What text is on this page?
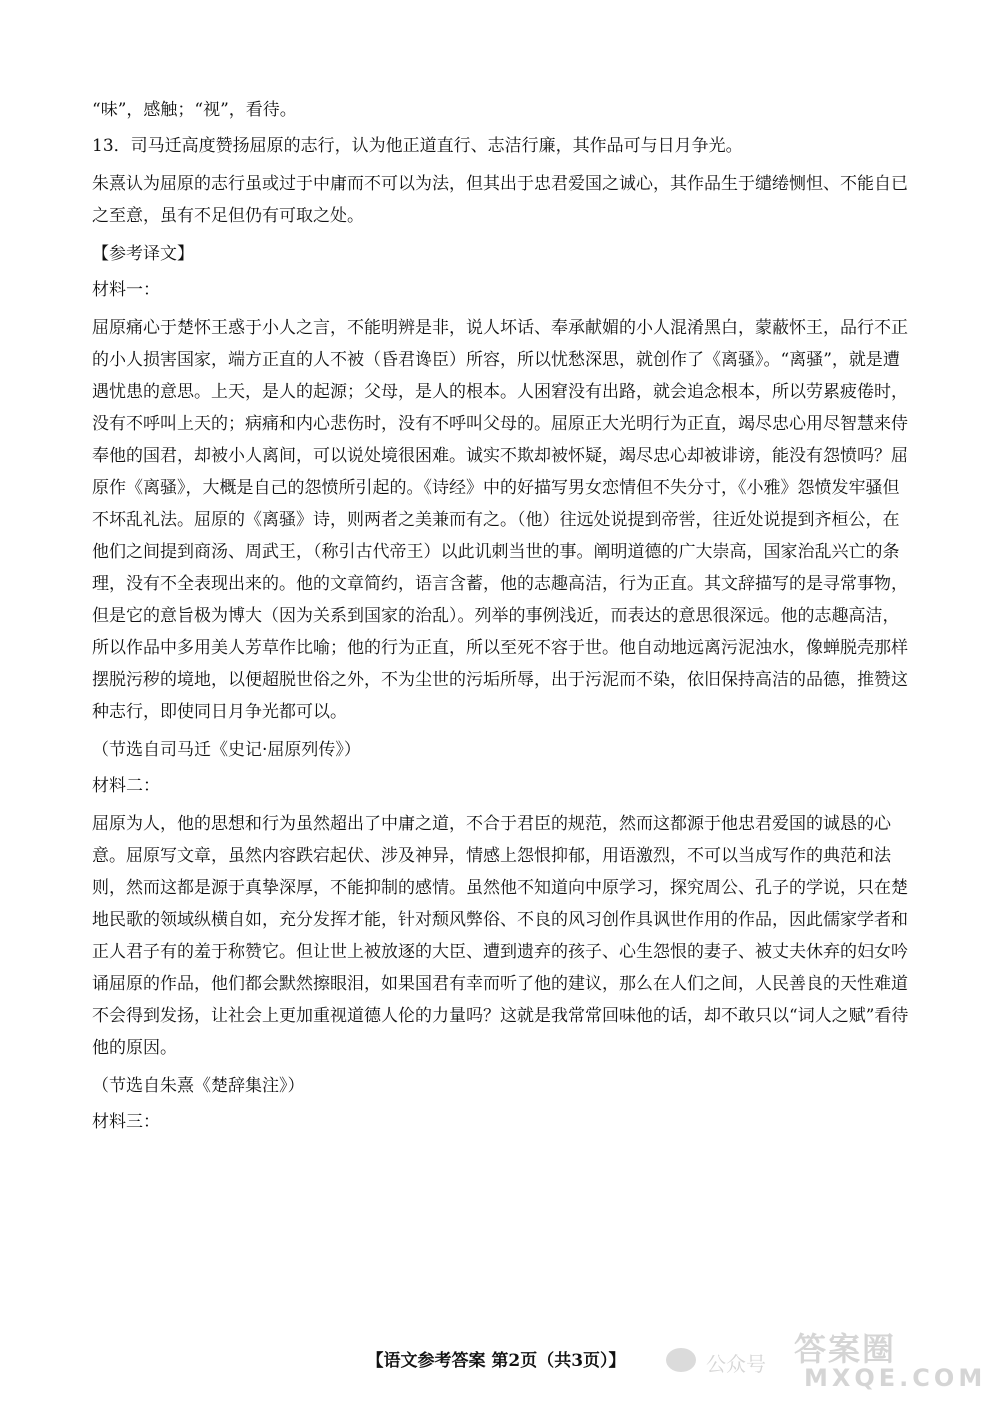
“味”，感触；“视”，看待。

13．司马迁高度赞扬屈原的志行，认为他正道直行、志洁行廉，其作品可与日月争光。

朱熹认为屈原的志行虽或过于中庸而不可以为法，但其出于忠君爱国之诚心，其作品生于缱绻恻怛、不能自已之至意，虽有不足但仍有可取之处。

【参考译文】

材料一：

屈原痛心于楚怀王惑于小人之言，不能明辨是非，说人坏话、奉承献媚的小人混淆黑白，蒙蔽怀王，品行不正的小人损害国家，端方正直的人不被（昏君谗臣）所容，所以忧愁深思，就创作了《离骚》。“离骚”，就是遭遇忧患的意思。上天，是人的起源；父母，是人的根本。人困窘没有出路，就会追念根本，所以劳累疲倦时，没有不呼叫上天的；病痛和内心悲伤时，没有不呼叫父母的。屈原正大光明行为正直，竭尽忠心用尽智慧来侍奉他的国君，却被小人离间，可以说处境很困难。诚实不欺却被怀疑，竭尽忠心却被诽谤，能没有怨愤吗？屈原作《离骚》，大概是自己的怨愤所引起的。《诗经》中的好描写男女恋情但不失分寸，《小雅》怨愤发牢骚但不坏乱礼法。屈原的《离骚》诗，则两者之美兼而有之。（他）往远处说提到帝喾，往近处说提到齐桓公，在他们之间提到商汤、周武王，（称引古代帝王）以此讥刺当世的事。阐明道德的广大崇高，国家治乱兴亡的条理，没有不全表现出来的。他的文章简约，语言含蓄，他的志趣高洁，行为正直。其文辞描写的是寻常事物，但是它的意旨极为博大（因为关系到国家的治乱）。列举的事例浅近，而表达的意思很深远。他的志趣高洁，所以作品中多用美人芳草作比喻；他的行为正直，所以至死不容于世。他自动地远离污泥浊水，像蝉脱壳那样摆脱污秽的境地，以便超脱世俗之外，不为尘世的污垢所辱，出于污泥而不染，依旧保持高洁的品德，推赞这种志行，即使同日月争光都可以。

（节选自司马迁《史记·屈原列传》）

材料二：

屈原为人，他的思想和行为虽然超出了中庸之道，不合于君臣的规范，然而这都源于他忠君爱国的诚恳的心意。屈原写文章，虽然内容跌宕起伏、涉及神异，情感上怨恨抑郁，用语激烈，不可以当成写作的典范和法则，然而这都是源于真挚深厚，不能抑制的感情。虽然他不知道向中原学习，探究周公、孔子的学说，只在楚地民歌的领域纵横自如，充分发挥才能，针对颓风弊俗、不良的风习创作具讽世作用的作品，因此儒家学者和正人君子有的羞于称赞它。但让世上被放逐的大臣、遭到遗弃的孩子、心生怨恨的妻子、被丈夫休弃的妇女吟诵屈原的作品，他们都会默然擦眼泪，如果国君有幸而听了他的建议，那么在人们之间，人民善良的天性难道不会得到发扬，让社会上更加重视道德人伦的力量吗？这就是我常常回味他的话，却不敢只以“词人之赋”看待他的原因。

（节选自朱熹《楚辞集注》）

材料三：

【语文参考答案 第2页（共3页）】	公众号 答案圈
MXQE.COM
